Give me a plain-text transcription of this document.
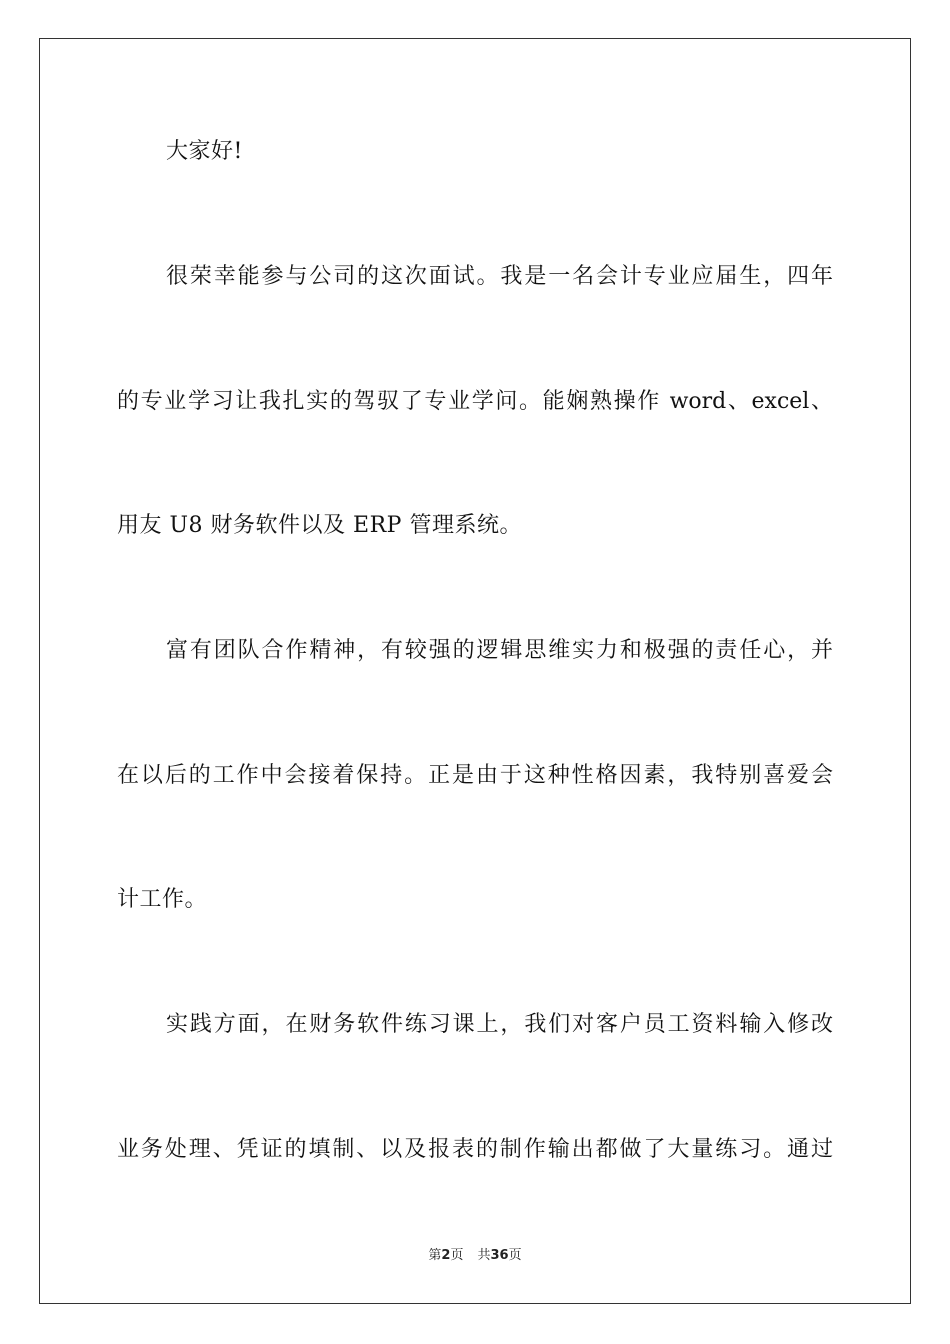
大家好!
很荣幸能参与公司的这次面试。我是一名会计专业应届生，四年
的专业学习让我扎实的驾驭了专业学问。能娴熟操作 word、excel、
用友 U8 财务软件以及 ERP 管理系统。
富有团队合作精神，有较强的逻辑思维实力和极强的责任心，并
在以后的工作中会接着保持。正是由于这种性格因素，我特别喜爱会
计工作。
实践方面，在财务软件练习课上，我们对客户员工资料输入修改
业务处理、凭证的填制、以及报表的制作输出都做了大量练习。通过
第2页 共36页
